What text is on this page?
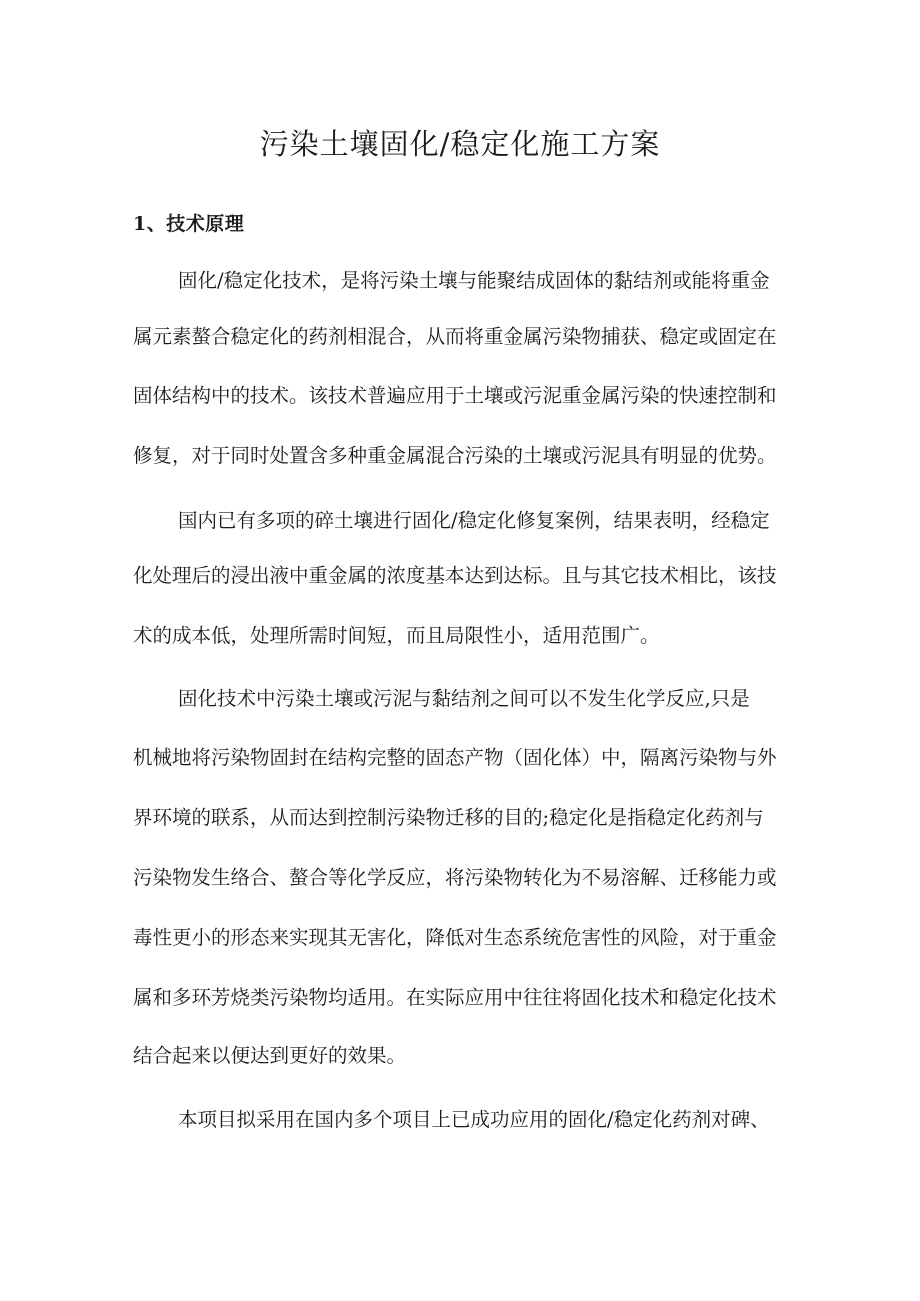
污染土壤固化/稳定化施工方案
1、技术原理

固化/稳定化技术，是将污染土壤与能聚结成固体的黏结剂或能将重金

属元素螯合稳定化的药剂相混合，从而将重金属污染物捕获、稳定或固定在

固体结构中的技术。该技术普遍应用于土壤或污泥重金属污染的快速控制和

修复，对于同时处置含多种重金属混合污染的土壤或污泥具有明显的优势。

国内已有多项的碎土壤进行固化/稳定化修复案例，结果表明，经稳定

化处理后的浸出液中重金属的浓度基本达到达标。且与其它技术相比，该技

术的成本低，处理所需时间短，而且局限性小，适用范围广。

固化技术中污染土壤或污泥与黏结剂之间可以不发生化学反应,只是

机械地将污染物固封在结构完整的固态产物（固化体）中，隔离污染物与外

界环境的联系，从而达到控制污染物迁移的目的;稳定化是指稳定化药剂与

污染物发生络合、螯合等化学反应，将污染物转化为不易溶解、迁移能力或

毒性更小的形态来实现其无害化，降低对生态系统危害性的风险，对于重金

属和多环芳烧类污染物均适用。在实际应用中往往将固化技术和稳定化技术

结合起来以便达到更好的效果。

本项目拟采用在国内多个项目上已成功应用的固化/稳定化药剂对碑、
